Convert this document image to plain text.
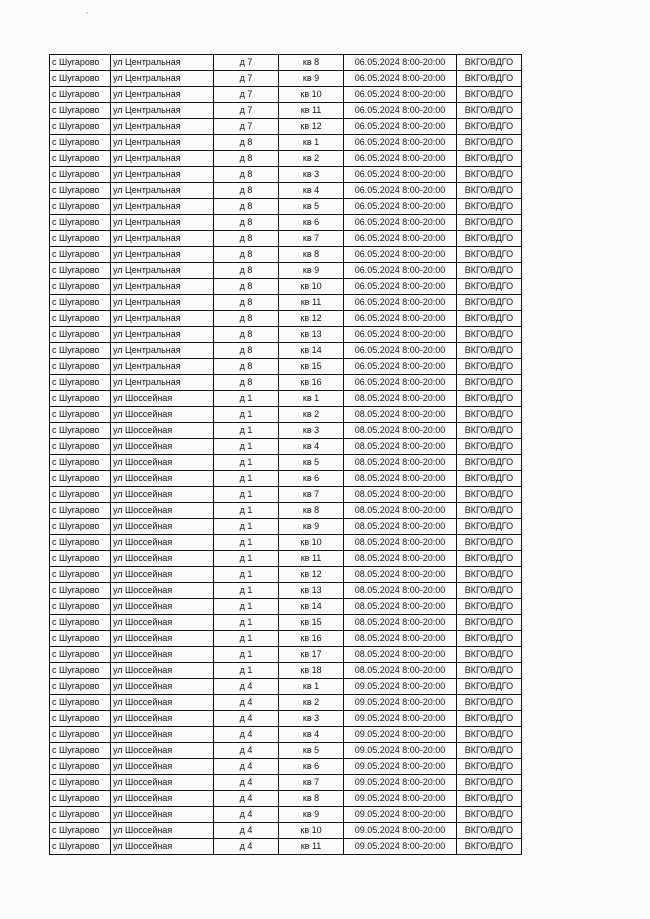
с Шугарово	ул Центральная	д 7	кв 8	06.05.2024 8:00-20:00	ВКГО/ВДГО
с Шугарово	ул Центральная	д 7	кв 9	06.05.2024 8:00-20:00	ВКГО/ВДГО
с Шугарово	ул Центральная	д 7	кв 10	06.05.2024 8:00-20:00	ВКГО/ВДГО
с Шугарово	ул Центральная	д 7	кв 11	06.05.2024 8:00-20:00	ВКГО/ВДГО
с Шугарово	ул Центральная	д 7	кв 12	06.05.2024 8:00-20:00	ВКГО/ВДГО
с Шугарово	ул Центральная	д 8	кв 1	06.05.2024 8:00-20:00	ВКГО/ВДГО
с Шугарово	ул Центральная	д 8	кв 2	06.05.2024 8:00-20:00	ВКГО/ВДГО
с Шугарово	ул Центральная	д 8	кв 3	06.05.2024 8:00-20:00	ВКГО/ВДГО
с Шугарово	ул Центральная	д 8	кв 4	06.05.2024 8:00-20:00	ВКГО/ВДГО
с Шугарово	ул Центральная	д 8	кв 5	06.05.2024 8:00-20:00	ВКГО/ВДГО
с Шугарово	ул Центральная	д 8	кв 6	06.05.2024 8:00-20:00	ВКГО/ВДГО
с Шугарово	ул Центральная	д 8	кв 7	06.05.2024 8:00-20:00	ВКГО/ВДГО
с Шугарово	ул Центральная	д 8	кв 8	06.05.2024 8:00-20:00	ВКГО/ВДГО
с Шугарово	ул Центральная	д 8	кв 9	06.05.2024 8:00-20:00	ВКГО/ВДГО
с Шугарово	ул Центральная	д 8	кв 10	06.05.2024 8:00-20:00	ВКГО/ВДГО
с Шугарово	ул Центральная	д 8	кв 11	06.05.2024 8:00-20:00	ВКГО/ВДГО
с Шугарово	ул Центральная	д 8	кв 12	06.05.2024 8:00-20:00	ВКГО/ВДГО
с Шугарово	ул Центральная	д 8	кв 13	06.05.2024 8:00-20:00	ВКГО/ВДГО
с Шугарово	ул Центральная	д 8	кв 14	06.05.2024 8:00-20:00	ВКГО/ВДГО
с Шугарово	ул Центральная	д 8	кв 15	06.05.2024 8:00-20:00	ВКГО/ВДГО
с Шугарово	ул Центральная	д 8	кв 16	06.05.2024 8:00-20:00	ВКГО/ВДГО
с Шугарово	ул Шоссейная	д 1	кв 1	08.05.2024 8:00-20:00	ВКГО/ВДГО
с Шугарово	ул Шоссейная	д 1	кв 2	08.05.2024 8:00-20:00	ВКГО/ВДГО
с Шугарово	ул Шоссейная	д 1	кв 3	08.05.2024 8:00-20:00	ВКГО/ВДГО
с Шугарово	ул Шоссейная	д 1	кв 4	08.05.2024 8:00-20:00	ВКГО/ВДГО
с Шугарово	ул Шоссейная	д 1	кв 5	08.05.2024 8:00-20:00	ВКГО/ВДГО
с Шугарово	ул Шоссейная	д 1	кв 6	08.05.2024 8:00-20:00	ВКГО/ВДГО
с Шугарово	ул Шоссейная	д 1	кв 7	08.05.2024 8:00-20:00	ВКГО/ВДГО
с Шугарово	ул Шоссейная	д 1	кв 8	08.05.2024 8:00-20:00	ВКГО/ВДГО
с Шугарово	ул Шоссейная	д 1	кв 9	08.05.2024 8:00-20:00	ВКГО/ВДГО
с Шугарово	ул Шоссейная	д 1	кв 10	08.05.2024 8:00-20:00	ВКГО/ВДГО
с Шугарово	ул Шоссейная	д 1	кв 11	08.05.2024 8:00-20:00	ВКГО/ВДГО
с Шугарово	ул Шоссейная	д 1	кв 12	08.05.2024 8:00-20:00	ВКГО/ВДГО
с Шугарово	ул Шоссейная	д 1	кв 13	08.05.2024 8:00-20:00	ВКГО/ВДГО
с Шугарово	ул Шоссейная	д 1	кв 14	08.05.2024 8:00-20:00	ВКГО/ВДГО
с Шугарово	ул Шоссейная	д 1	кв 15	08.05.2024 8:00-20:00	ВКГО/ВДГО
с Шугарово	ул Шоссейная	д 1	кв 16	08.05.2024 8:00-20:00	ВКГО/ВДГО
с Шугарово	ул Шоссейная	д 1	кв 17	08.05.2024 8:00-20:00	ВКГО/ВДГО
с Шугарово	ул Шоссейная	д 1	кв 18	08.05.2024 8:00-20:00	ВКГО/ВДГО
с Шугарово	ул Шоссейная	д 4	кв 1	09.05.2024 8:00-20:00	ВКГО/ВДГО
с Шугарово	ул Шоссейная	д 4	кв 2	09.05.2024 8:00-20:00	ВКГО/ВДГО
с Шугарово	ул Шоссейная	д 4	кв 3	09.05.2024 8:00-20:00	ВКГО/ВДГО
с Шугарово	ул Шоссейная	д 4	кв 4	09.05.2024 8:00-20:00	ВКГО/ВДГО
с Шугарово	ул Шоссейная	д 4	кв 5	09.05.2024 8:00-20:00	ВКГО/ВДГО
с Шугарово	ул Шоссейная	д 4	кв 6	09.05.2024 8:00-20:00	ВКГО/ВДГО
с Шугарово	ул Шоссейная	д 4	кв 7	09.05.2024 8:00-20:00	ВКГО/ВДГО
с Шугарово	ул Шоссейная	д 4	кв 8	09.05.2024 8:00-20:00	ВКГО/ВДГО
с Шугарово	ул Шоссейная	д 4	кв 9	09.05.2024 8:00-20:00	ВКГО/ВДГО
с Шугарово	ул Шоссейная	д 4	кв 10	09.05.2024 8:00-20:00	ВКГО/ВДГО
с Шугарово	ул Шоссейная	д 4	кв 11	09.05.2024 8:00-20:00	ВКГО/ВДГО
